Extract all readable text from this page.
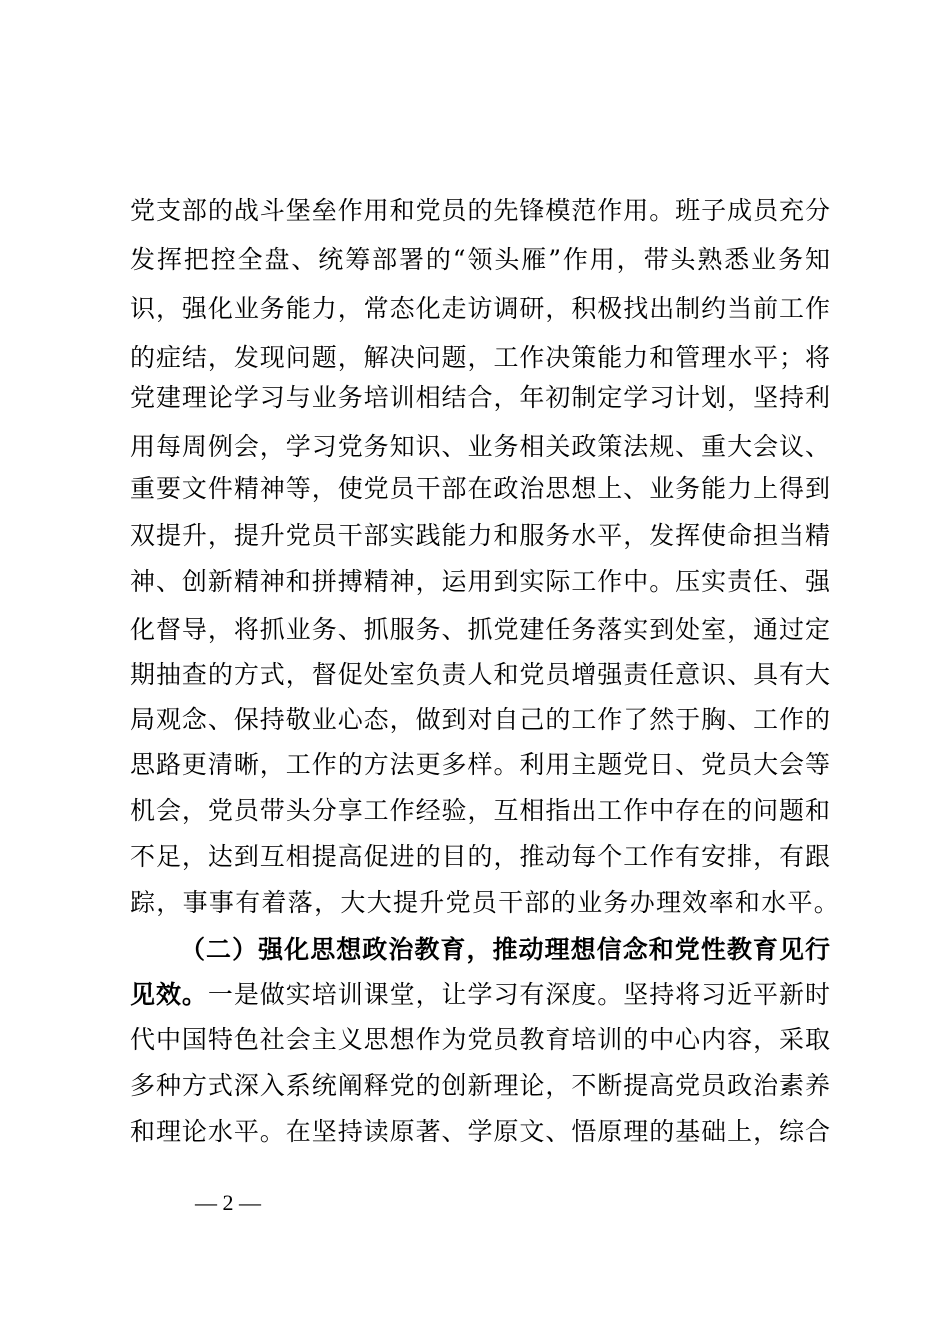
党支部的战斗堡垒作用和党员的先锋模范作用。班子成员充分
发挥把控全盘、统筹部署的“领头雁”作用，带头熟悉业务知
识，强化业务能力，常态化走访调研，积极找出制约当前工作
的症结，发现问题，解决问题，工作决策能力和管理水平；将
党建理论学习与业务培训相结合，年初制定学习计划，坚持利
用每周例会，学习党务知识、业务相关政策法规、重大会议、
重要文件精神等，使党员干部在政治思想上、业务能力上得到
双提升，提升党员干部实践能力和服务水平，发挥使命担当精
神、创新精神和拼搏精神，运用到实际工作中。压实责任、强
化督导，将抓业务、抓服务、抓党建任务落实到处室，通过定
期抽查的方式，督促处室负责人和党员增强责任意识、具有大
局观念、保持敬业心态，做到对自己的工作了然于胸、工作的
思路更清晰，工作的方法更多样。利用主题党日、党员大会等
机会，党员带头分享工作经验，互相指出工作中存在的问题和
不足，达到互相提高促进的目的，推动每个工作有安排，有跟
踪，事事有着落，大大提升党员干部的业务办理效率和水平。
（二）强化思想政治教育，推动理想信念和党性教育见行
见效。一是做实培训课堂，让学习有深度。坚持将习近平新时
代中国特色社会主义思想作为党员教育培训的中心内容，采取
多种方式深入系统阐释党的创新理论，不断提高党员政治素养
和理论水平。在坚持读原著、学原文、悟原理的基础上，综合
— 2 —
